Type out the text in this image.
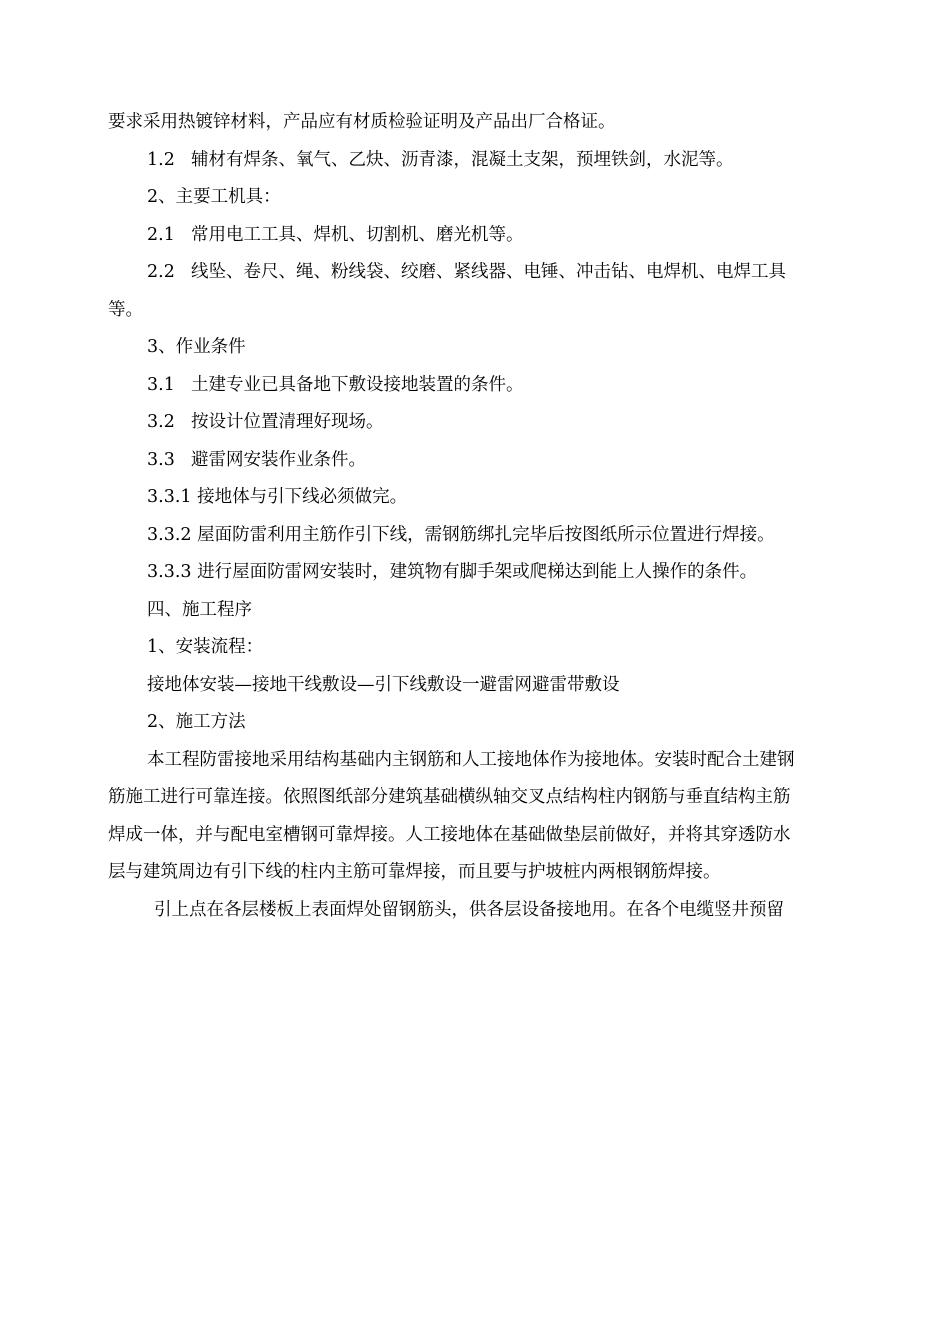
要求采用热镀锌材料，产品应有材质检验证明及产品出厂合格证。
1.2 辅材有焊条、氧气、乙炔、沥青漆，混凝土支架，预埋铁剑，水泥等。
2、主要工机具：
2.1 常用电工工具、焊机、切割机、磨光机等。
2.2 线坠、卷尺、绳、粉线袋、绞磨、紧线器、电锤、冲击钻、电焊机、电焊工具
等。
3、作业条件
3.1 土建专业已具备地下敷设接地装置的条件。
3.2 按设计位置清理好现场。
3.3 避雷网安装作业条件。
3.3.1 接地体与引下线必须做完。
3.3.2 屋面防雷利用主筋作引下线，需钢筋绑扎完毕后按图纸所示位置进行焊接。
3.3.3 进行屋面防雷网安装时，建筑物有脚手架或爬梯达到能上人操作的条件。
四、施工程序
1、安装流程：
接地体安装—接地干线敷设—引下线敷设一避雷网避雷带敷设
2、施工方法
本工程防雷接地采用结构基础内主钢筋和人工接地体作为接地体。安装时配合土建钢
筋施工进行可靠连接。依照图纸部分建筑基础横纵轴交叉点结构柱内钢筋与垂直结构主筋
焊成一体，并与配电室槽钢可靠焊接。人工接地体在基础做垫层前做好，并将其穿透防水
层与建筑周边有引下线的柱内主筋可靠焊接，而且要与护坡桩内两根钢筋焊接。
引上点在各层楼板上表面焊处留钢筋头，供各层设备接地用。在各个电缆竖井预留
